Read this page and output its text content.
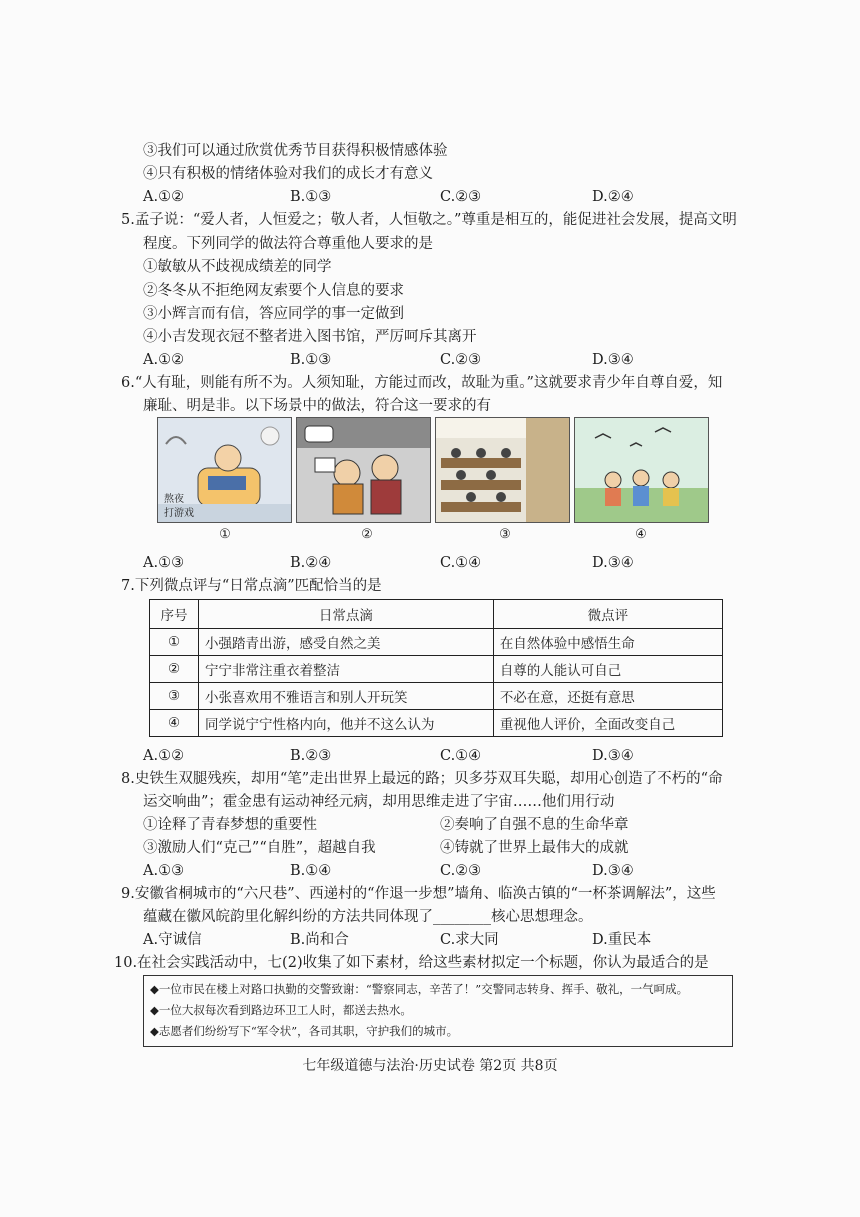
③我们可以通过欣赏优秀节目获得积极情感体验
④只有积极的情绪体验对我们的成长才有意义
A.①②	B.①③	C.②③	D.②④
5.孟子说：“爱人者，人恒爱之；敬人者，人恒敬之。”尊重是相互的，能促进社会发展，提高文明
程度。下列同学的做法符合尊重他人要求的是
①敏敏从不歧视成绩差的同学
②冬冬从不拒绝网友索要个人信息的要求
③小辉言而有信，答应同学的事一定做到
④小吉发现衣冠不整者进入图书馆，严厉呵斥其离开
A.①②	B.①③	C.②③	D.③④
6.“人有耻，则能有所不为。人须知耻，方能过而改，故耻为重。”这就要求青少年自尊自爱，知
廉耻、明是非。以下场景中的做法，符合这一要求的有
熬夜
打游戏
①	②	③	④
A.①③	B.②④	C.①④	D.③④
7.下列微点评与“日常点滴”匹配恰当的是
序号	日常点滴	微点评
①	小强踏青出游，感受自然之美	在自然体验中感悟生命
②	宁宁非常注重衣着整洁	自尊的人能认可自己
③	小张喜欢用不雅语言和别人开玩笑	不必在意，还挺有意思
④	同学说宁宁性格内向，他并不这么认为	重视他人评价，全面改变自己
A.①②	B.②③	C.①④	D.③④
8.史铁生双腿残疾，却用“笔”走出世界上最远的路；贝多芬双耳失聪，却用心创造了不朽的“命
运交响曲”；霍金患有运动神经元病，却用思维走进了宇宙……他们用行动
①诠释了青春梦想的重要性	②奏响了自强不息的生命华章
③激励人们“克己”“自胜”，超越自我	④铸就了世界上最伟大的成就
A.①③	B.①④	C.②③	D.③④
9.安徽省桐城市的“六尺巷”、西递村的“作退一步想”墙角、临涣古镇的“一杯茶调解法”，这些
蕴藏在徽风皖韵里化解纠纷的方法共同体现了________核心思想理念。
A.守诚信	B.尚和合	C.求大同	D.重民本
10.在社会实践活动中，七(2)收集了如下素材，给这些素材拟定一个标题，你认为最适合的是
◆一位市民在楼上对路口执勤的交警致谢：“警察同志，辛苦了！”交警同志转身、挥手、敬礼，一气呵成。
◆一位大叔每次看到路边环卫工人时，都送去热水。
◆志愿者们纷纷写下“军令状”，各司其职，守护我们的城市。
七年级道德与法治·历史试卷 第2页 共8页
